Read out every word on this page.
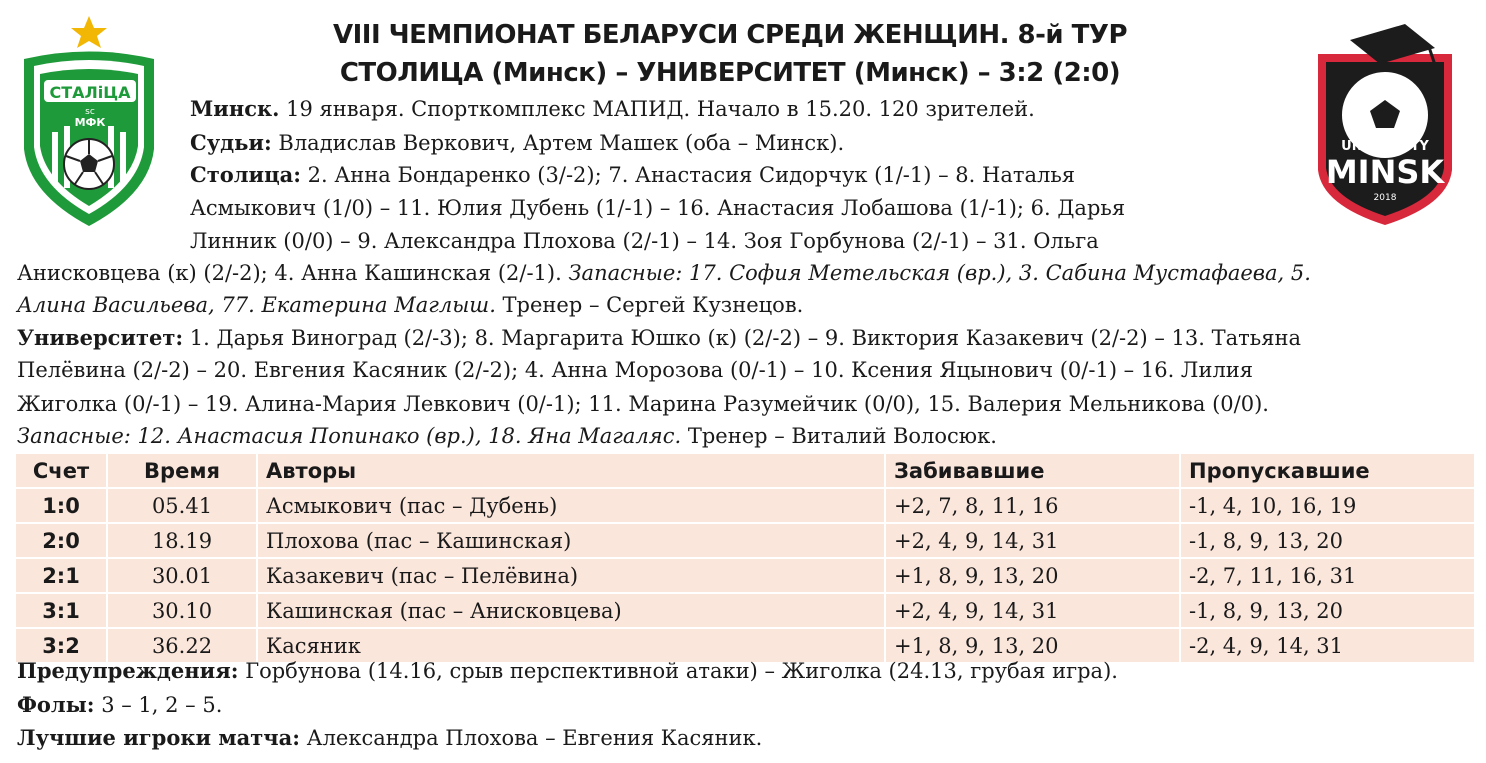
СТАЛіЦА
sc
МФК
UNIVERSITY
MINSK
2018
VIII ЧЕМПИОНАТ БЕЛАРУСИ СРЕДИ ЖЕНЩИН. 8-й ТУР
СТОЛИЦА (Минск) – УНИВЕРСИТЕТ (Минск) – 3:2 (2:0)
Минск. 19 января. Спорткомплекс МАПИД. Начало в 15.20. 120 зрителей.
Судьи: Владислав Веркович, Артем Машек (оба – Минск).
Столица: 2. Анна Бондаренко (3/-2); 7. Анастасия Сидорчук (1/-1) – 8. Наталья
Асмыкович (1/0) – 11. Юлия Дубень (1/-1) – 16. Анастасия Лобашова (1/-1); 6. Дарья
Линник (0/0) – 9. Александра Плохова (2/-1) – 14. Зоя Горбунова (2/-1) – 31. Ольга
Анисковцева (к) (2/-2); 4. Анна Кашинская (2/-1). Запасные: 17. София Метельская (вр.), 3. Сабина Мустафаева, 5.
Алина Васильева, 77. Екатерина Маглыш. Тренер – Сергей Кузнецов.
Университет: 1. Дарья Виноград (2/-3); 8. Маргарита Юшко (к) (2/-2) – 9. Виктория Казакевич (2/-2) – 13. Татьяна
Пелёвина (2/-2) – 20. Евгения Касяник (2/-2); 4. Анна Морозова (0/-1) – 10. Ксения Яцынович (0/-1) – 16. Лилия
Жиголка (0/-1) – 19. Алина-Мария Левкович (0/-1); 11. Марина Разумейчик (0/0), 15. Валерия Мельникова (0/0).
Запасные: 12. Анастасия Попинако (вр.), 18. Яна Магаляс. Тренер – Виталий Волосюк.
Счет	Время	Авторы	Забивавшие	Пропускавшие
1:0	05.41	Асмыкович (пас – Дубень)	+2, 7, 8, 11, 16	-1, 4, 10, 16, 19
2:0	18.19	Плохова (пас – Кашинская)	+2, 4, 9, 14, 31	-1, 8, 9, 13, 20
2:1	30.01	Казакевич (пас – Пелёвина)	+1, 8, 9, 13, 20	-2, 7, 11, 16, 31
3:1	30.10	Кашинская (пас – Анисковцева)	+2, 4, 9, 14, 31	-1, 8, 9, 13, 20
3:2	36.22	Касяник	+1, 8, 9, 13, 20	-2, 4, 9, 14, 31
Предупреждения: Горбунова (14.16, срыв перспективной атаки) – Жиголка (24.13, грубая игра).
Фолы: 3 – 1, 2 – 5.
Лучшие игроки матча: Александра Плохова – Евгения Касяник.
